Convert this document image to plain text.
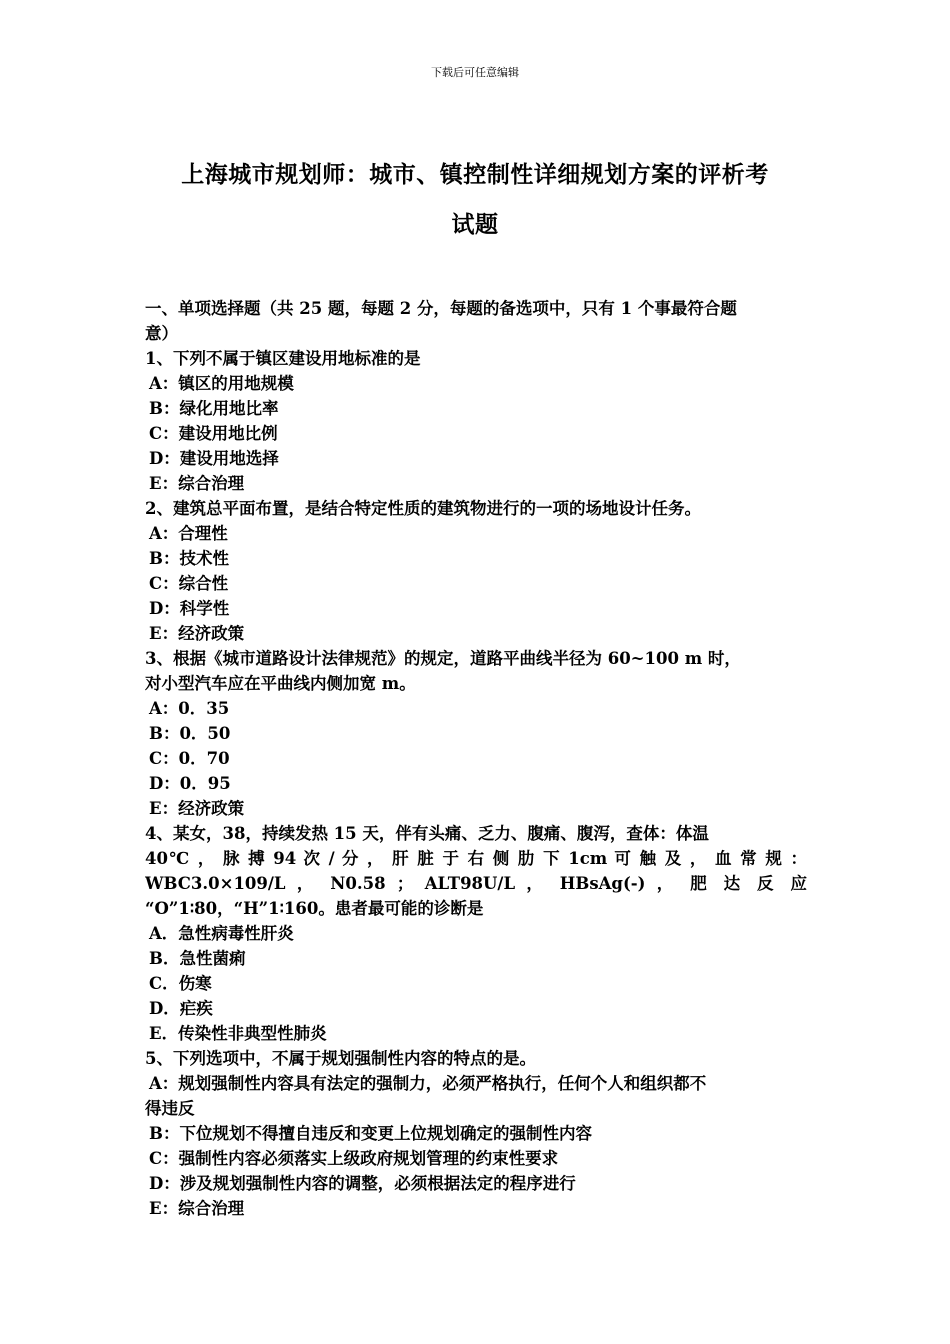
下载后可任意编辑
上海城市规划师：城市、镇控制性详细规划方案的评析考
试题
一、单项选择题（共 25 题，每题 2 分，每题的备选项中，只有 1 个事最符合题
意）
1、下列不属于镇区建设用地标准的是
A：镇区的用地规模
B：绿化用地比率
C：建设用地比例
D：建设用地选择
E：综合治理
2、建筑总平面布置，是结合特定性质的建筑物进行的一项的场地设计任务。
A：合理性
B：技术性
C：综合性
D：科学性
E：经济政策
3、根据《城市道路设计法律规范》的规定，道路平曲线半径为 60~100 m 时，
对小型汽车应在平曲线内侧加宽 m。
A：0．35
B：0．50
C：0．70
D：0．95
E：经济政策
4、某女，38，持续发热 15 天，伴有头痛、乏力、腹痛、腹泻，查体：体温
40℃ ， 脉 搏 94 次 / 分 ， 肝 脏 于 右 侧 肋 下 1cm 可 触 及 ， 血 常 规 ：
WBC3.0×109/L ， N0.58 ； ALT98U/L ， HBsAg(-) ， 肥 达 反 应
“O”1∶80，“H”1∶160。患者最可能的诊断是
A．急性病毒性肝炎
B．急性菌痢
C．伤寒
D．疟疾
E．传染性非典型性肺炎
5、下列选项中，不属于规划强制性内容的特点的是。
A：规划强制性内容具有法定的强制力，必须严格执行，任何个人和组织都不
得违反
B：下位规划不得擅自违反和变更上位规划确定的强制性内容
C：强制性内容必须落实上级政府规划管理的约束性要求
D：涉及规划强制性内容的调整，必须根据法定的程序进行
E：综合治理
